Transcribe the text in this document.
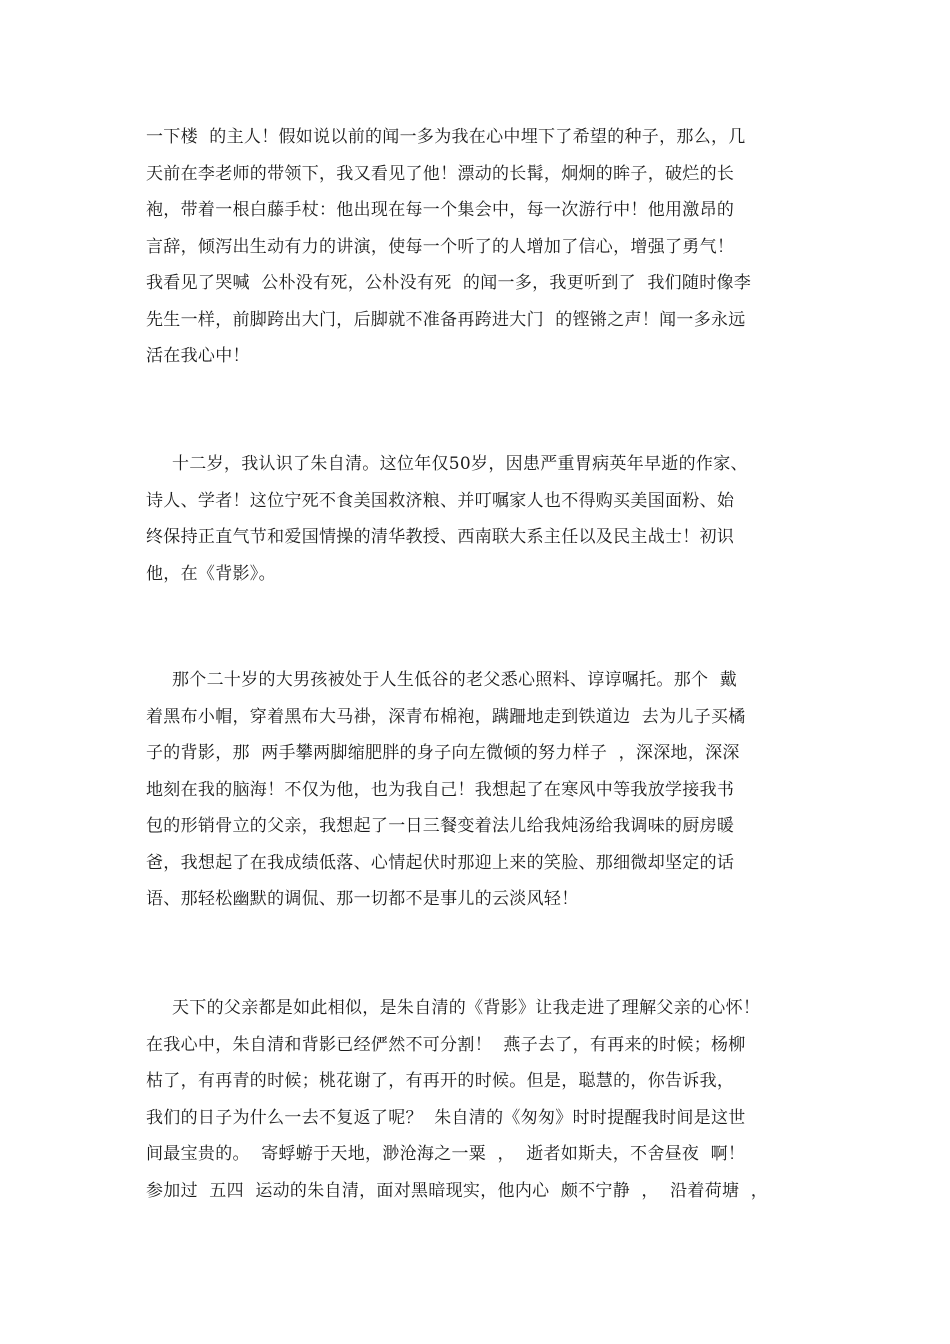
一下楼  的主人！假如说以前的闻一多为我在心中埋下了希望的种子，那么，几
天前在李老师的带领下，我又看见了他！漂动的长髯，炯炯的眸子，破烂的长
袍，带着一根白藤手杖：他出现在每一个集会中，每一次游行中！他用激昂的
言辞，倾泻出生动有力的讲演，使每一个听了的人增加了信心，增强了勇气！
我看见了哭喊  公朴没有死，公朴没有死  的闻一多，我更听到了  我们随时像李
先生一样，前脚跨出大门，后脚就不准备再跨进大门  的铿锵之声！闻一多永远
活在我心中！
十二岁，我认识了朱自清。这位年仅50岁，因患严重胃病英年早逝的作家、
诗人、学者！这位宁死不食美国救济粮、并叮嘱家人也不得购买美国面粉、始
终保持正直气节和爱国情操的清华教授、西南联大系主任以及民主战士！初识
他，在《背影》。
那个二十岁的大男孩被处于人生低谷的老父悉心照料、谆谆嘱托。那个  戴
着黑布小帽，穿着黑布大马褂，深青布棉袍，蹒跚地走到铁道边  去为儿子买橘
子的背影，那  两手攀两脚缩肥胖的身子向左微倾的努力样子  ，深深地，深深
地刻在我的脑海！不仅为他，也为我自己！我想起了在寒风中等我放学接我书
包的形销骨立的父亲，我想起了一日三餐变着法儿给我炖汤给我调味的厨房暖
爸，我想起了在我成绩低落、心情起伏时那迎上来的笑脸、那细微却坚定的话
语、那轻松幽默的调侃、那一切都不是事儿的云淡风轻！
天下的父亲都是如此相似，是朱自清的《背影》让我走进了理解父亲的心怀！
在我心中，朱自清和背影已经俨然不可分割！  燕子去了，有再来的时候；杨柳
枯了，有再青的时候；桃花谢了，有再开的时候。但是，聪慧的，你告诉我，
我们的日子为什么一去不复返了呢？  朱自清的《匆匆》时时提醒我时间是这世
间最宝贵的。  寄蜉蝣于天地，渺沧海之一粟  ，  逝者如斯夫，不舍昼夜  啊！
参加过  五四  运动的朱自清，面对黑暗现实，他内心  颇不宁静  ，  沿着荷塘  ，
